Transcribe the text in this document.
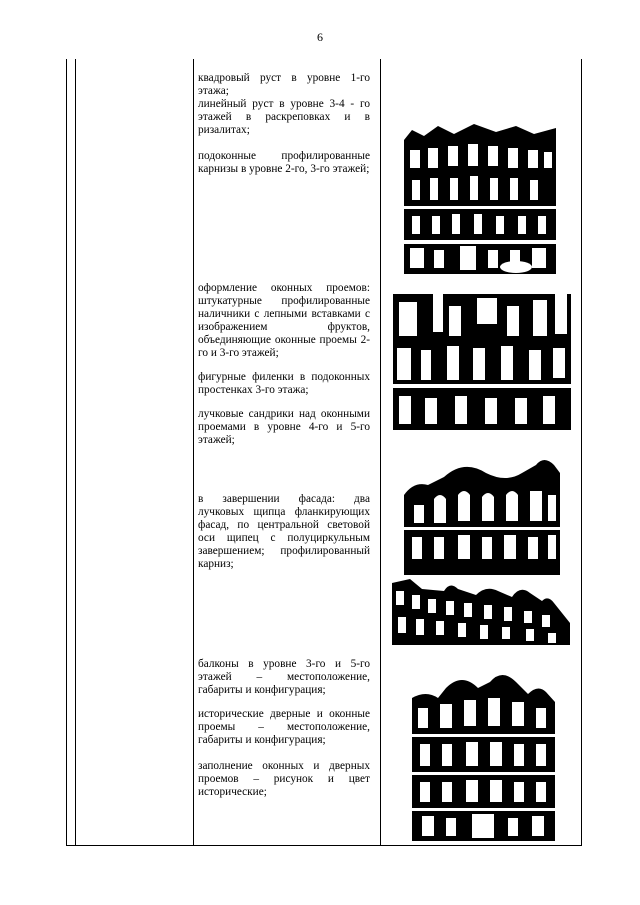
6

квадровый руст в уровне 1-го этажа;

линейный руст в уровне 3-4 - го этажей в раскреповках и в ризалитах;

подоконные профилированные карнизы в уровне 2-го, 3-го этажей;

оформление оконных проемов: штукатурные профилированные наличники с лепными вставками с изображением фруктов, объединяющие оконные проемы 2-го и 3-го этажей;

фигурные филенки в подоконных простенках 3-го этажа;

лучковые сандрики над оконными проемами в уровне 4-го и 5-го этажей;

в завершении фасада: два лучковых щипца фланкирующих фасад, по центральной световой оси щипец с полуциркульным завершением; профилированный карниз;

балконы в уровне 3-го и 5-го этажей – местоположение, габариты и конфигурация;

исторические дверные и оконные проемы – местоположение, габариты и конфигурация;

заполнение оконных и дверных проемов – рисунок и цвет исторические;
